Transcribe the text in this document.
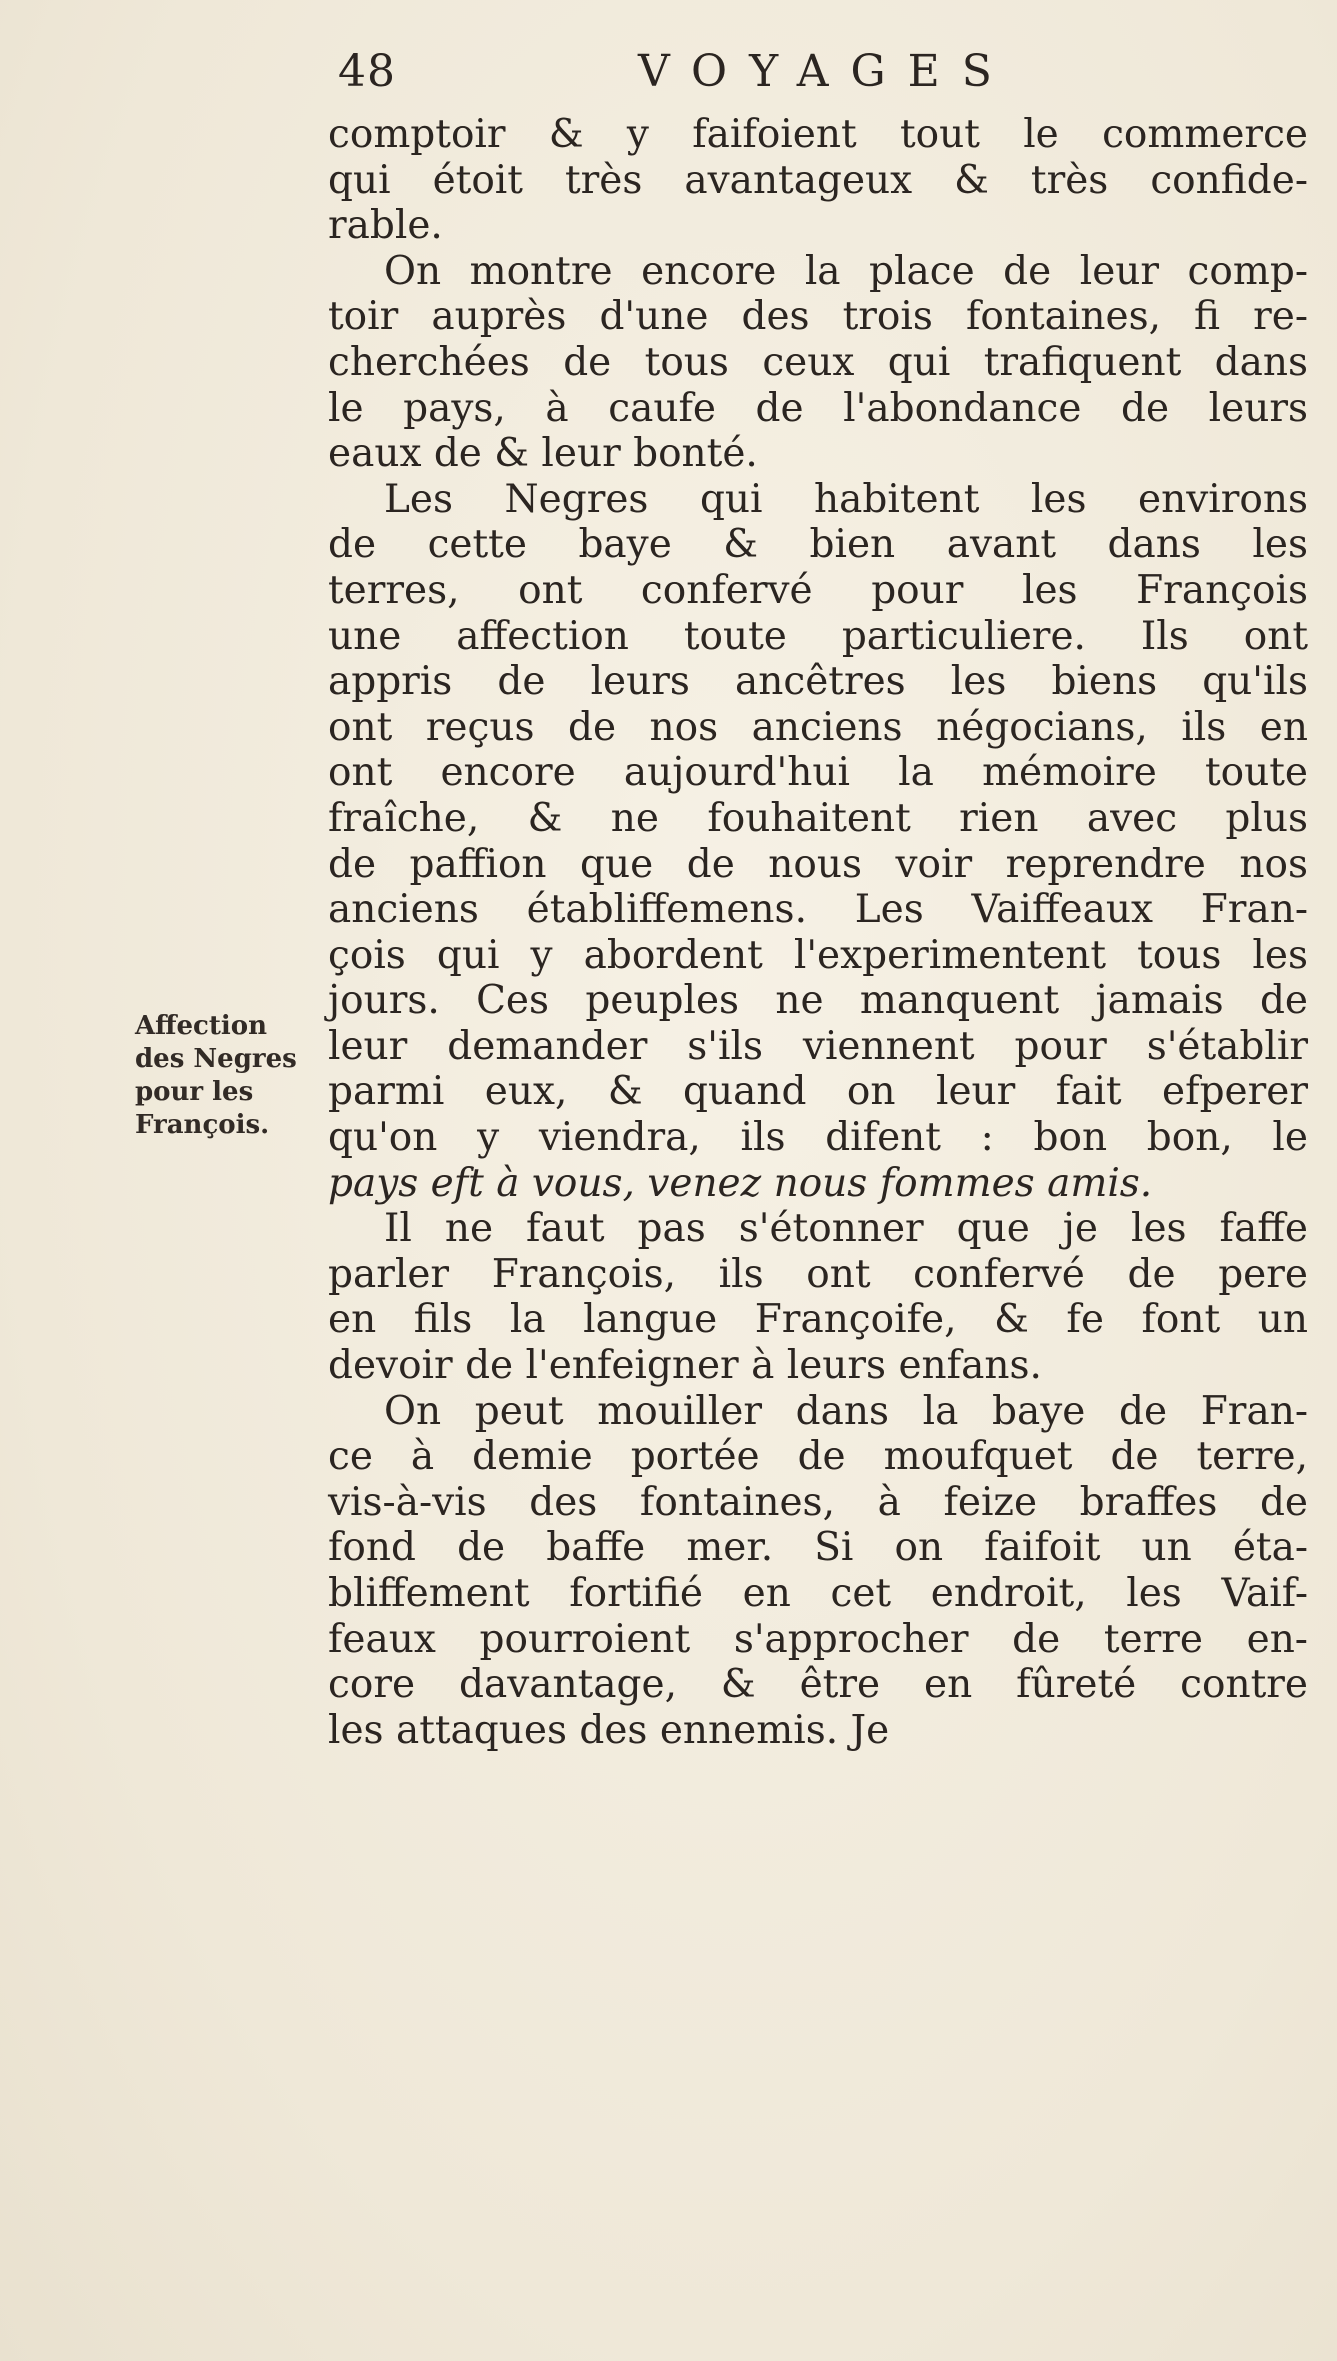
48	VOYAGES
Affection
des Negres
pour les
François.
comptoir & y faifoient tout le commerce
qui étoit très avantageux & très confide-
rable.
On montre encore la place de leur comp-
toir auprès d'une des trois fontaines, fi re-
cherchées de tous ceux qui trafiquent dans
le pays, à caufe de l'abondance de leurs
eaux de & leur bonté.
Les Negres qui habitent les environs
de cette baye & bien avant dans les
terres, ont confervé pour les François
une affection toute particuliere. Ils ont
appris de leurs ancêtres les biens qu'ils
ont reçus de nos anciens négocians, ils en
ont encore aujourd'hui la mémoire toute
fraîche, & ne fouhaitent rien avec plus
de paffion que de nous voir reprendre nos
anciens établiffemens. Les Vaiffeaux Fran-
çois qui y abordent l'experimentent tous les
jours. Ces peuples ne manquent jamais de
leur demander s'ils viennent pour s'établir
parmi eux, & quand on leur fait efperer
qu'on y viendra, ils difent : bon bon, le
pays eft à vous, venez nous fommes amis.
Il ne faut pas s'étonner que je les faffe
parler François, ils ont confervé de pere
en fils la langue Françoife, & fe font un
devoir de l'enfeigner à leurs enfans.
On peut mouiller dans la baye de Fran-
ce à demie portée de moufquet de terre,
vis-à-vis des fontaines, à feize braffes de
fond de baffe mer. Si on faifoit un éta-
bliffement fortifié en cet endroit, les Vaif-
feaux pourroient s'approcher de terre en-
core davantage, & être en fûreté contre
les attaques des ennemis. Je
